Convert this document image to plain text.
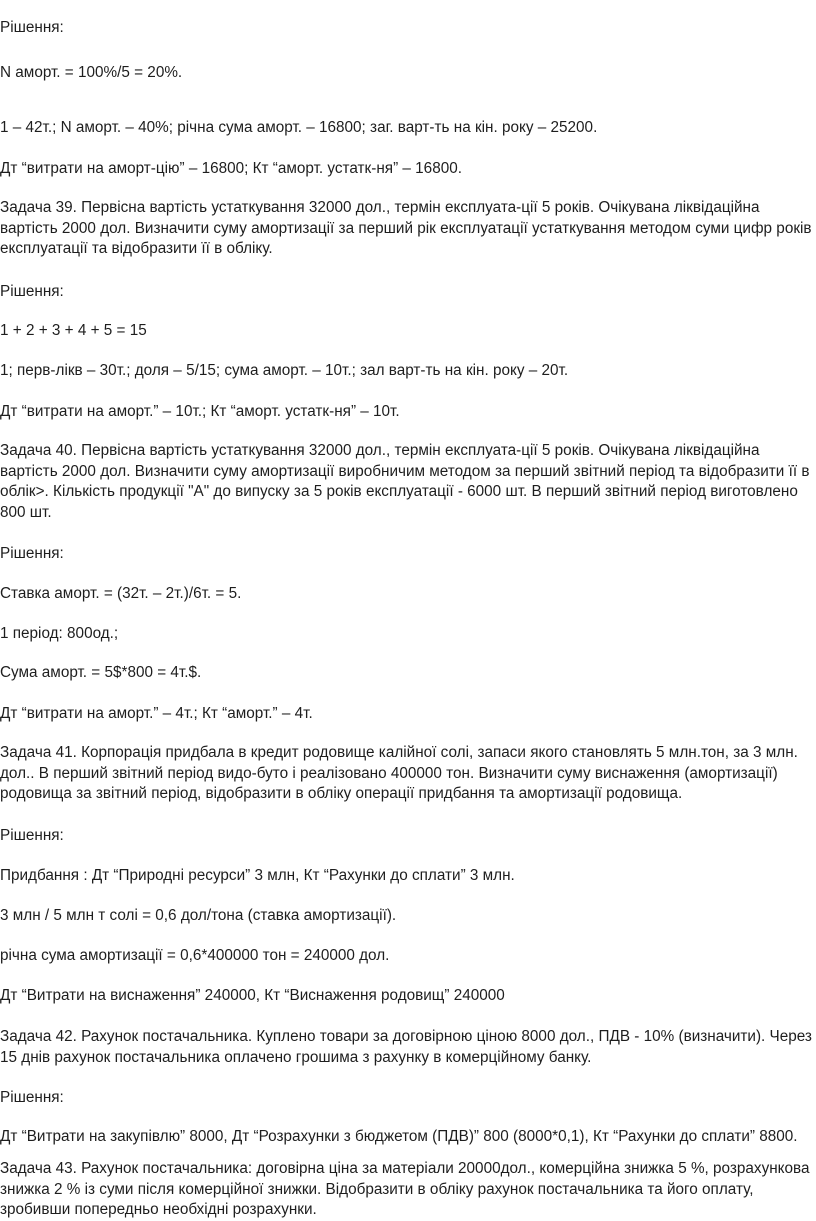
Рішення:

N аморт. = 100%/5 = 20%.

1 – 42т.; N аморт. – 40%; річна сума аморт. – 16800; заг. варт-ть на кін. року – 25200.

Дт “витрати на аморт-цію” – 16800; Кт “аморт. устатк-ня” – 16800.

Задача 39. Первісна вартість устаткування 32000 дол., термін експлуата-ції 5 років. Очікувана ліквідаційна вартість 2000 дол. Визначити суму амортизації за перший рік експлуатації устаткування методом суми цифр років експлуатації та відобразити її в обліку.

Рішення:

1 + 2 + 3 + 4 + 5 = 15

1; перв-лікв – 30т.; доля – 5/15; сума аморт. – 10т.; зал варт-ть на кін. року – 20т.

Дт “витрати на аморт.” – 10т.; Кт “аморт. устатк-ня” – 10т.

Задача 40. Первісна вартість устаткування 32000 дол., термін експлуата-ції 5 років. Очікувана ліквідаційна вартість 2000 дол. Визначити суму амортизації виробничим методом за перший звітний період та відобразити її в облік>. Кількість продукції "А" до випуску за 5 років експлуатації - 6000 шт. В перший звітний період виготовлено 800 шт.

Рішення:

Ставка аморт. = (32т. – 2т.)/6т. = 5.

1 період: 800од.;

Сума аморт. = 5$*800 = 4т.$.

Дт “витрати на аморт.” – 4т.; Кт “аморт.” – 4т.

Задача 41. Корпорація придбала в кредит родовище калійної солі, запаси якого становлять 5 млн.тон, за 3 млн. дол.. В перший звітний період видо-буто і реалізовано 400000 тон. Визначити суму виснаження (амортизації) родовища за звітний період, відобразити в обліку операції придбання та амортизації родовища.

Рішення:

Придбання : Дт “Природні ресурси” 3 млн, Кт “Рахунки до сплати” 3 млн.

3 млн / 5 млн т солі = 0,6 дол/тона (ставка амортизації).

річна сума амортизації = 0,6*400000 тон = 240000 дол.

Дт “Витрати на виснаження” 240000, Кт “Виснаження родовищ” 240000

Задача 42. Рахунок постачальника. Куплено товари за договірною ціною 8000 дол., ПДВ - 10% (визначити). Через 15 днів рахунок постачальника оплачено грошима з рахунку в комерційному банку.

Рішення:

Дт “Витрати на закупівлю” 8000, Дт “Розрахунки з бюджетом (ПДВ)” 800 (8000*0,1), Кт “Рахунки до сплати” 8800.

Задача 43. Рахунок постачальника: договірна ціна за матеріали 20000дол., комерційна знижка 5 %, розрахункова знижка 2 % із суми після комерційної знижки. Відобразити в обліку рахунок постачальника та його оплату, зробивши попередньо необхідні розрахунки.
